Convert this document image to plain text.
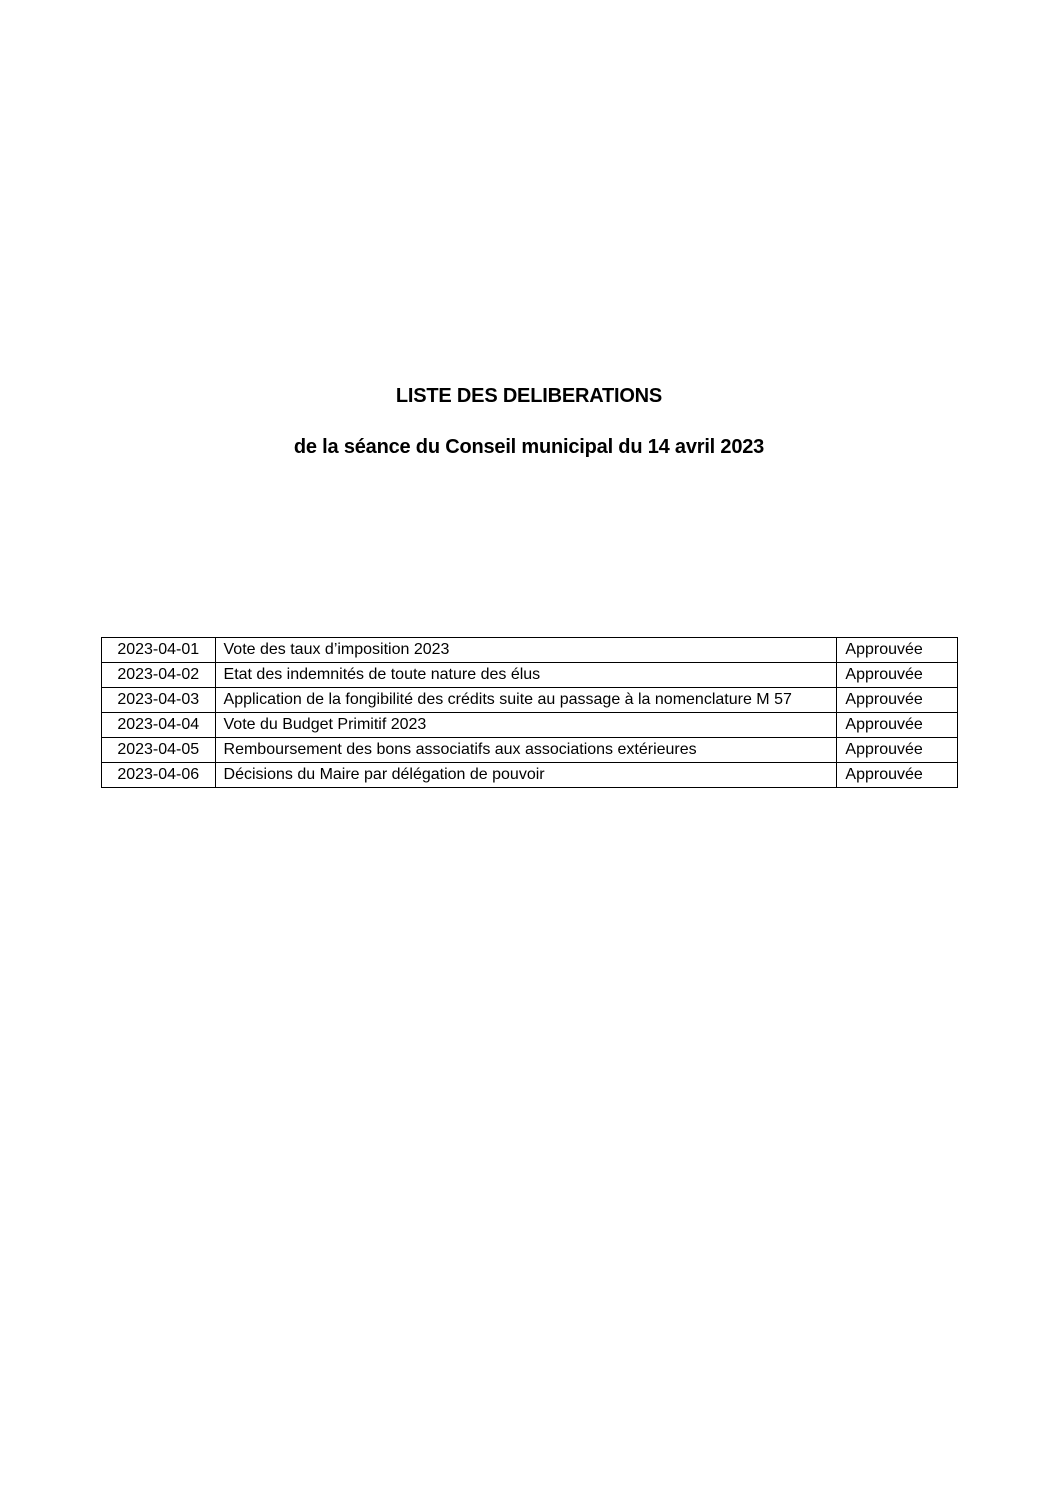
LISTE DES DELIBERATIONS
de la séance du Conseil municipal du 14 avril 2023
2023-04-01	Vote des taux d’imposition 2023	Approuvée
2023-04-02	Etat des indemnités de toute nature des élus	Approuvée
2023-04-03	Application de la fongibilité des crédits suite au passage à la nomenclature M 57	Approuvée
2023-04-04	Vote du Budget Primitif 2023	Approuvée
2023-04-05	Remboursement des bons associatifs aux associations extérieures	Approuvée
2023-04-06	Décisions du Maire par délégation de pouvoir	Approuvée
